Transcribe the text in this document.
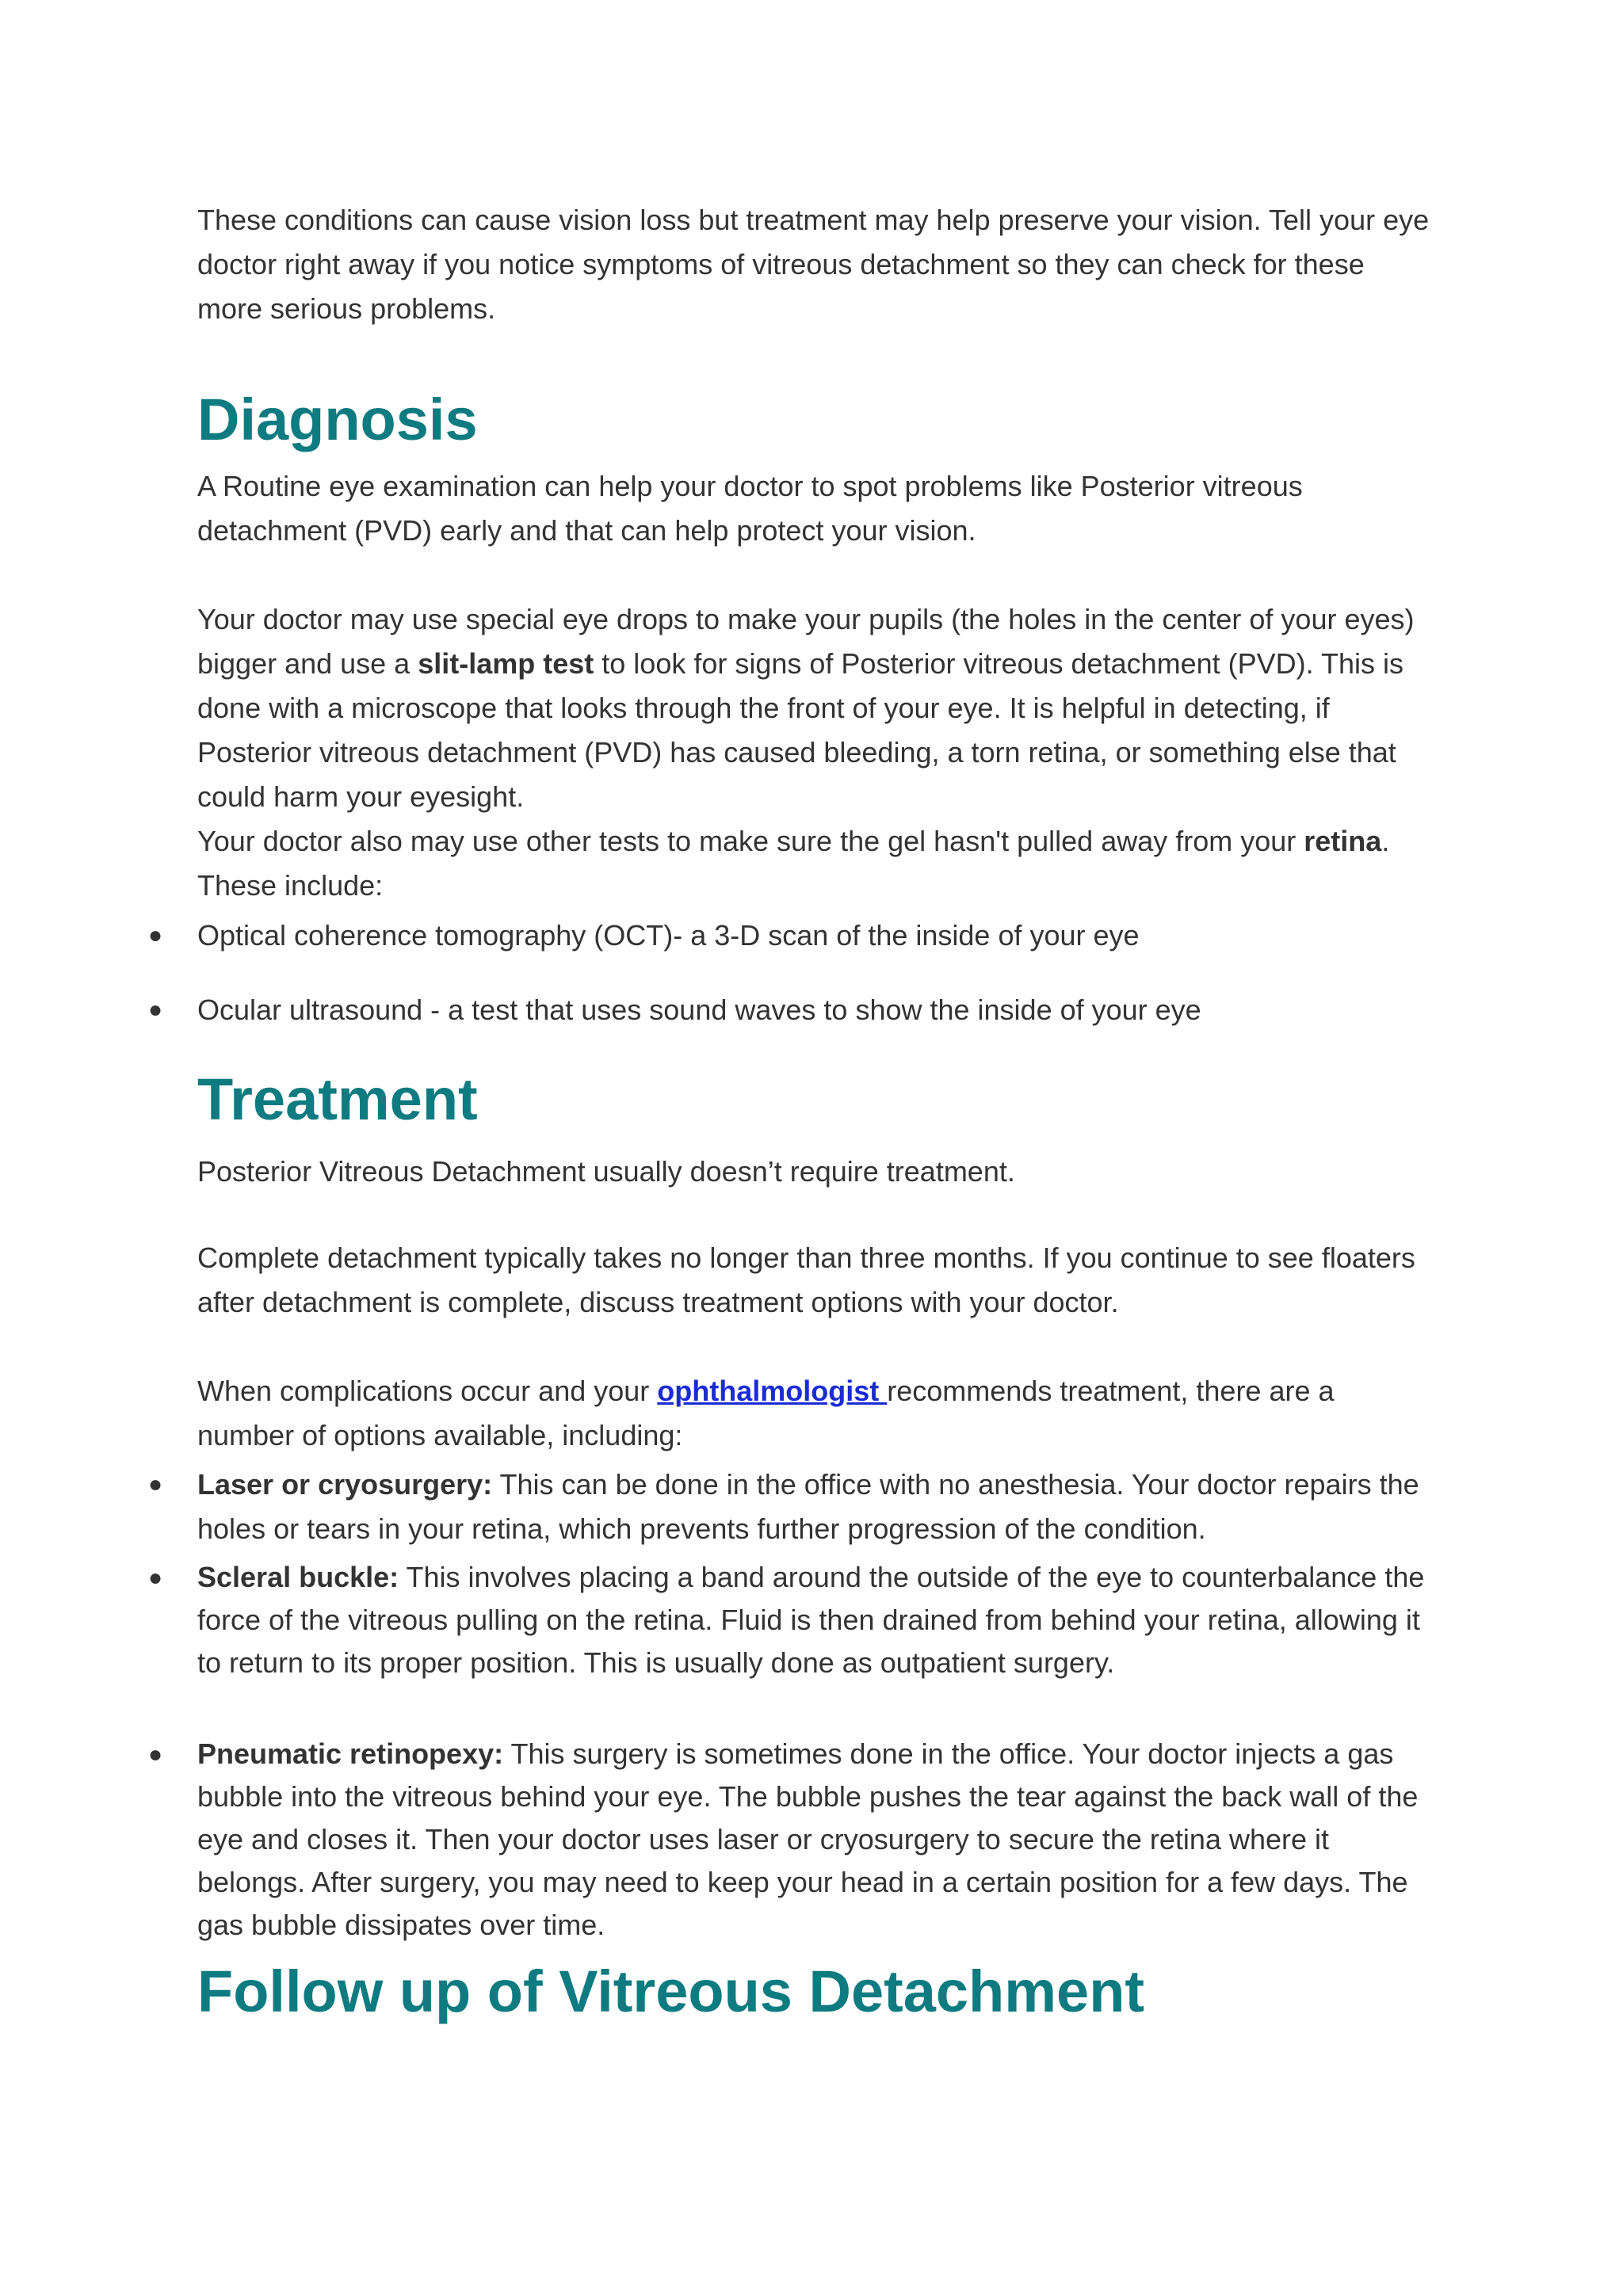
These conditions can cause vision loss but treatment may help preserve your vision. Tell your eye doctor right away if you notice symptoms of vitreous detachment so they can check for these more serious problems.

Diagnosis

A Routine eye examination can help your doctor to spot problems like Posterior vitreous detachment (PVD) early and that can help protect your vision.

Your doctor may use special eye drops to make your pupils (the holes in the center of your eyes) bigger and use a slit-lamp test to look for signs of Posterior vitreous detachment (PVD). This is done with a microscope that looks through the front of your eye. It is helpful in detecting, if Posterior vitreous detachment (PVD) has caused bleeding, a torn retina, or something else that could harm your eyesight.

Your doctor also may use other tests to make sure the gel hasn't pulled away from your retina. These include:

● Optical coherence tomography (OCT)- a 3-D scan of the inside of your eye
● Ocular ultrasound - a test that uses sound waves to show the inside of your eye
Treatment

Posterior Vitreous Detachment usually doesn’t require treatment.

Complete detachment typically takes no longer than three months. If you continue to see floaters after detachment is complete, discuss treatment options with your doctor.

When complications occur and your ophthalmologist recommends treatment, there are a number of options available, including:

● Laser or cryosurgery: This can be done in the office with no anesthesia. Your doctor repairs the holes or tears in your retina, which prevents further progression of the condition.
● Scleral buckle: This involves placing a band around the outside of the eye to counterbalance the force of the vitreous pulling on the retina. Fluid is then drained from behind your retina, allowing it to return to its proper position. This is usually done as outpatient surgery.
● Pneumatic retinopexy: This surgery is sometimes done in the office. Your doctor injects a gas bubble into the vitreous behind your eye. The bubble pushes the tear against the back wall of the eye and closes it. Then your doctor uses laser or cryosurgery to secure the retina where it belongs. After surgery, you may need to keep your head in a certain position for a few days. The gas bubble dissipates over time.
Follow up of Vitreous Detachment
